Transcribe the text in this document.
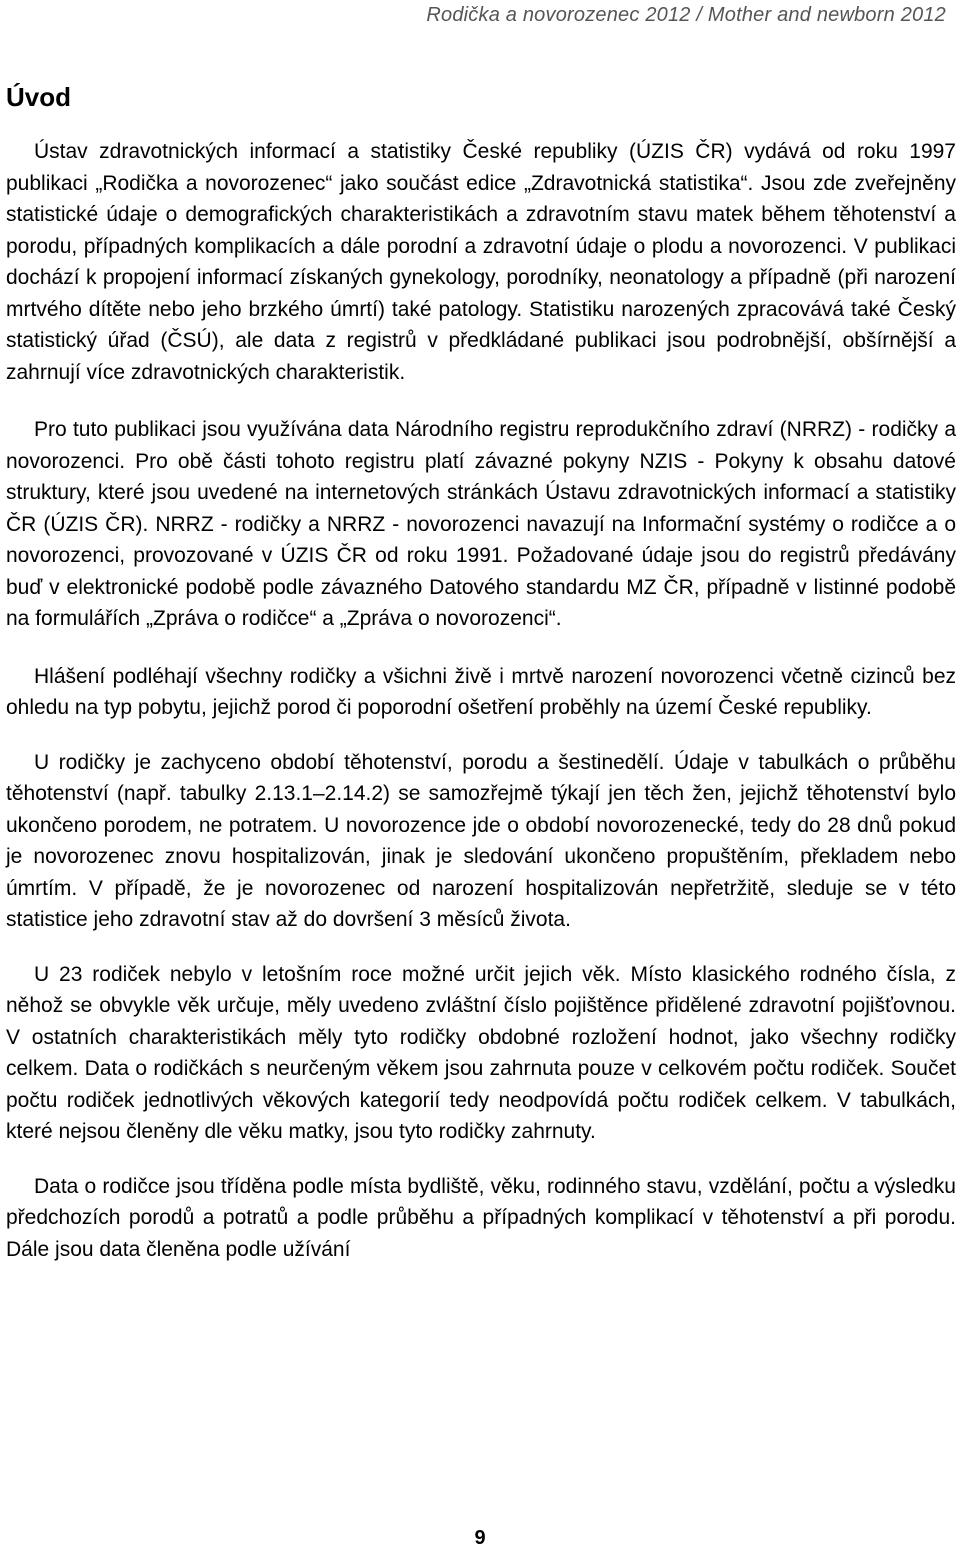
Rodička a novorozenec 2012 / Mother and newborn 2012
Úvod

Ústav zdravotnických informací a statistiky České republiky (ÚZIS ČR) vydává od roku 1997 publikaci „Rodička a novorozenec“ jako součást edice „Zdravotnická statistika“. Jsou zde zveřejněny statistické údaje o demografických charakteristikách a zdravotním stavu matek během těhotenství a porodu, případných komplikacích a dále porodní a zdravotní údaje o plodu a novorozenci. V publikaci dochází k propojení informací získaných gynekology, porodníky, neonatology a případně (při narození mrtvého dítěte nebo jeho brzkého úmrtí) také patology. Statistiku narozených zpracovává také Český statistický úřad (ČSÚ), ale data z registrů v předkládané publikaci jsou podrobnější, obšírnější a zahrnují více zdravotnických charakteristik.

Pro tuto publikaci jsou využívána data Národního registru reprodukčního zdraví (NRRZ) - rodičky a novorozenci. Pro obě části tohoto registru platí závazné pokyny NZIS - Pokyny k obsahu datové struktury, které jsou uvedené na internetových stránkách Ústavu zdravotnických informací a statistiky ČR (ÚZIS ČR). NRRZ - rodičky a NRRZ - novorozenci navazují na Informační systémy o rodičce a o novorozenci, provozované v ÚZIS ČR od roku 1991. Požadované údaje jsou do registrů předávány buď v elektronické podobě podle závazného Datového standardu MZ ČR, případně v listinné podobě na formulářích „Zpráva o rodičce“ a „Zpráva o novorozenci“.

Hlášení podléhají všechny rodičky a všichni živě i mrtvě narození novorozenci včetně cizinců bez ohledu na typ pobytu, jejichž porod či poporodní ošetření proběhly na území České republiky.

U rodičky je zachyceno období těhotenství, porodu a šestinedělí. Údaje v tabulkách o průběhu těhotenství (např. tabulky 2.13.1–2.14.2) se samozřejmě týkají jen těch žen, jejichž těhotenství bylo ukončeno porodem, ne potratem. U novorozence jde o období novorozenecké, tedy do 28 dnů pokud je novorozenec znovu hospitalizován, jinak je sledování ukončeno propuštěním, překladem nebo úmrtím. V případě, že je novorozenec od narození hospitalizován nepřetržitě, sleduje se v této statistice jeho zdravotní stav až do dovršení 3 měsíců života.

U 23 rodiček nebylo v letošním roce možné určit jejich věk. Místo klasického rodného čísla, z něhož se obvykle věk určuje, měly uvedeno zvláštní číslo pojištěnce přidělené zdravotní pojišťovnou. V ostatních charakteristikách měly tyto rodičky obdobné rozložení hodnot, jako všechny rodičky celkem. Data o rodičkách s neurčeným věkem jsou zahrnuta pouze v celkovém počtu rodiček. Součet počtu rodiček jednotlivých věkových kategorií tedy neodpovídá počtu rodiček celkem. V tabulkách, které nejsou členěny dle věku matky, jsou tyto rodičky zahrnuty.

Data o rodičce jsou tříděna podle místa bydliště, věku, rodinného stavu, vzdělání, počtu a výsledku předchozích porodů a potratů a podle průběhu a případných komplikací v těhotenství a při porodu. Dále jsou data členěna podle užívání

9
